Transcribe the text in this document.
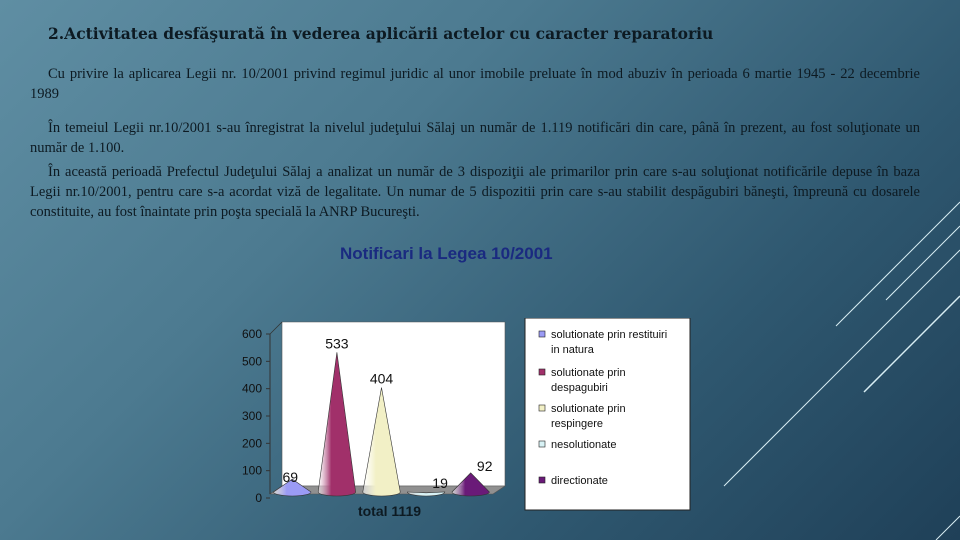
2.Activitatea desfăşurată în vederea aplicării actelor cu caracter reparatoriu
Cu privire la aplicarea Legii nr. 10/2001 privind regimul juridic al unor imobile preluate în mod abuziv în perioada 6 martie 1945 - 22 decembrie 1989
În temeiul Legii nr.10/2001 s-au înregistrat la nivelul judeţului Sălaj un număr de 1.119 notificări din care, până în prezent, au fost soluţionate un număr de 1.100.
În această perioadă Prefectul Judeţului Sălaj a analizat un număr de 3 dispoziţii ale primarilor prin care s-au soluţionat notificările depuse în baza Legii nr.10/2001, pentru care s-a acordat viză de legalitate. Un numar de 5 dispozitii prin care s-au stabilit despăgubiri băneşti, împreună cu dosarele constituite, au fost înaintate prin poşta specială la ANRP Bucureşti.
Notificari la Legea 10/2001
0
100
200
300
400
500
600
69
533
404
19
92
total 1119
solutionate prin restituiri in natura
solutionate prin despagubiri
solutionate prin respingere
nesolutionate
directionate
